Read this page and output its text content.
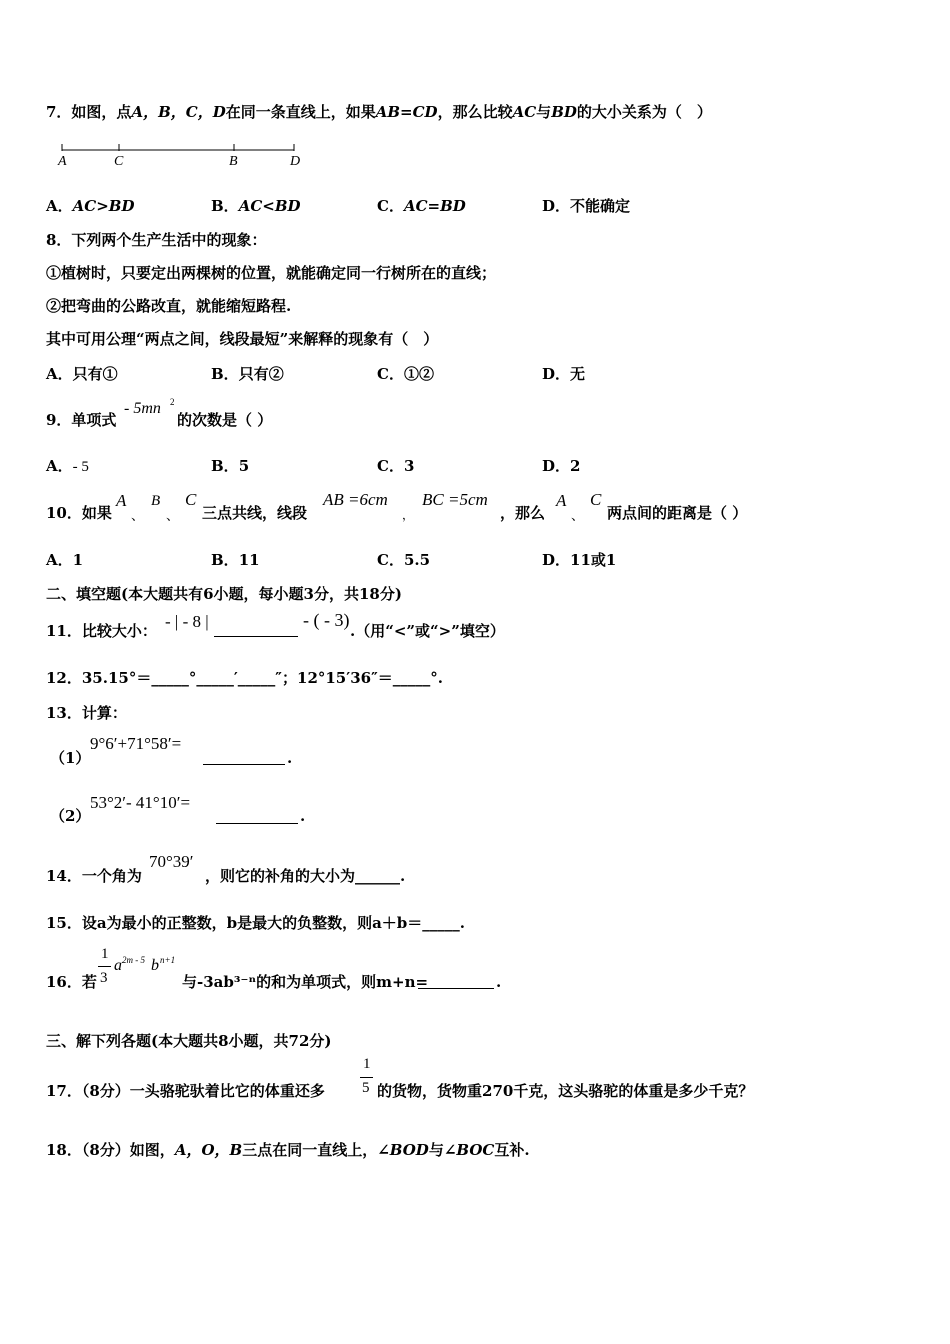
7．如图，点A，B，C，D在同一条直线上，如果AB=CD，那么比较AC与BD的大小关系为（　）
A	C	B	D
A．AC>BD	B．AC<BD	C．AC=BD	D．不能确定
8．下列两个生产生活中的现象：
①植树时，只要定出两棵树的位置，就能确定同一行树所在的直线；
②把弯曲的公路改直，就能缩短路程.
其中可用公理“两点之间，线段最短”来解释的现象有（　）
A．只有①	B．只有②	C．①②	D．无
9．单项式
- 5mn 2
的次数是（ ）
A．- 5	B．5	C．3	D．2
10．如果
A
、
B
、
C
三点共线，线段
AB =6cm
，
BC =5cm
，那么
A
、
C
两点间的距离是（ ）
A．1	B．11	C．5.5	D．11或1
二、填空题(本大题共有6小题，每小题3分，共18分)
11．比较大小： - | - 8 |	- ( - 3)
.（用“<”或“>”填空）
12．35.15°＝_____°_____′_____″；12°15′36″＝_____°.
13．计算：
（1）
9°6′+71°58′=
.
（2）
53°2′- 41°10′=
.
14．一个角为
70°39′
，则它的补角的大小为______.
15．设a为最小的正整数，b是最大的负整数，则a＋b＝_____.
16．若
1
3
a 2m - 5 b n+1
与-3ab³⁻ⁿ的和为单项式，则m+n=	.
三、解下列各题(本大题共8小题，共72分)
17．（8分）一头骆驼驮着比它的体重还多
1
5 的货物，货物重270千克，这头骆驼的体重是多少千克？
18．（8分）如图，A，O，B三点在同一直线上，∠BOD与∠BOC互补.
